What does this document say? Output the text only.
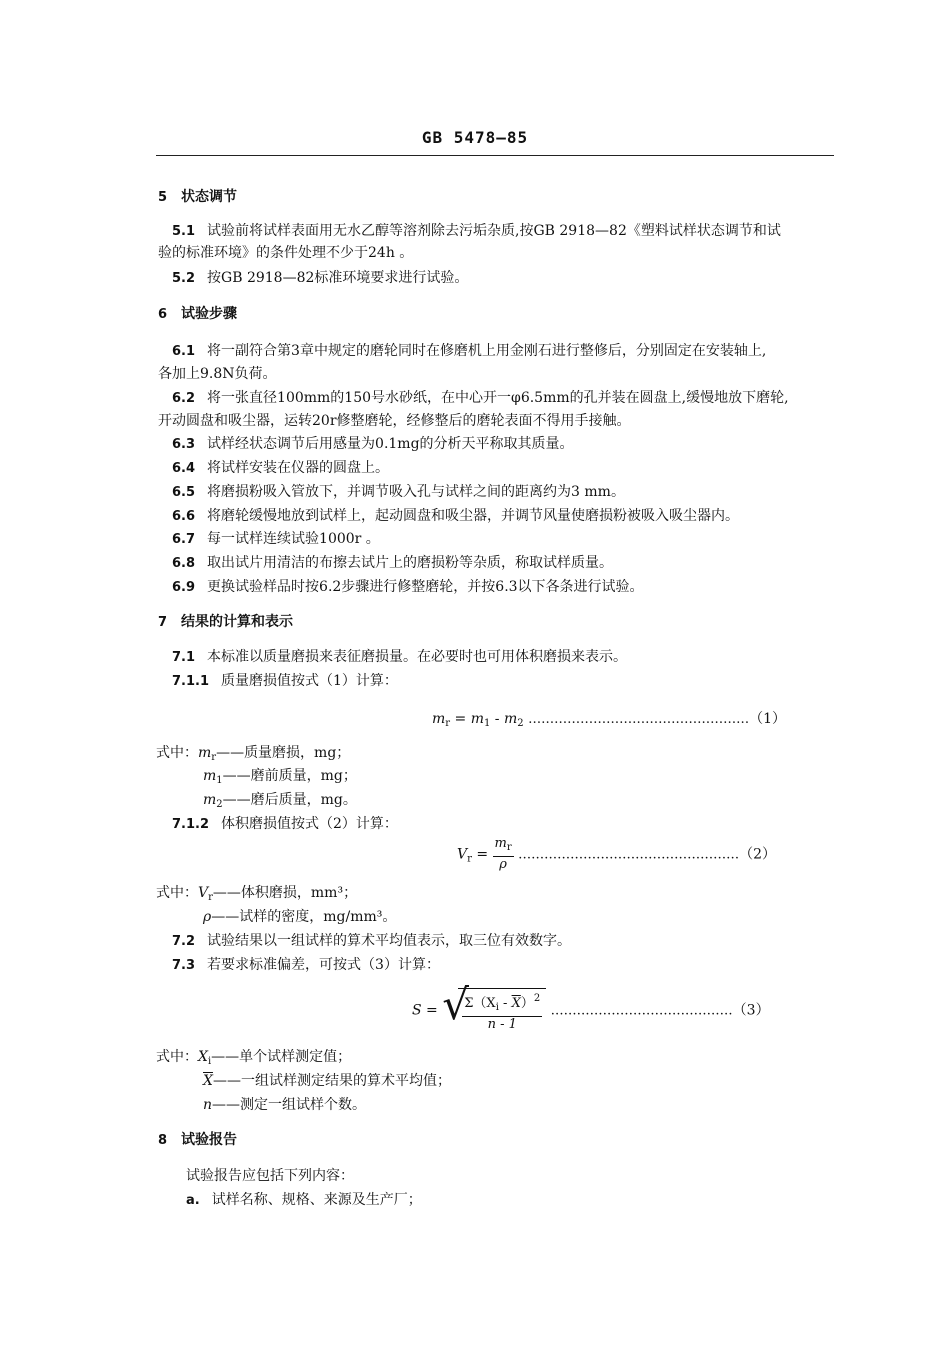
GB 5478—85
5 状态调节
5.1 试验前将试样表面用无水乙醇等溶剂除去污垢杂质,按GB 2918—82《塑料试样状态调节和试
验的标准环境》的条件处理不少于24h 。
5.2 按GB 2918—82标准环境要求进行试验。
6 试验步骤
6.1 将一副符合第3章中规定的磨轮同时在修磨机上用金刚石进行整修后，分别固定在安装轴上,
各加上9.8N负荷。
6.2 将一张直径100mm的150号水砂纸，在中心开一φ6.5mm的孔并装在圆盘上,缓慢地放下磨轮,
开动圆盘和吸尘器，运转20r修整磨轮，经修整后的磨轮表面不得用手接触。
6.3 试样经状态调节后用感量为0.1mg的分析天平称取其质量。
6.4 将试样安装在仪器的圆盘上。
6.5 将磨损粉吸入管放下，并调节吸入孔与试样之间的距离约为3 mm。
6.6 将磨轮缓慢地放到试样上，起动圆盘和吸尘器，并调节风量使磨损粉被吸入吸尘器内。
6.7 每一试样连续试验1000r 。
6.8 取出试片用清洁的布擦去试片上的磨损粉等杂质，称取试样质量。
6.9 更换试验样品时按6.2步骤进行修整磨轮，并按6.3以下各条进行试验。
7 结果的计算和表示
7.1 本标准以质量磨损来表征磨损量。在必要时也可用体积磨损来表示。
7.1.1 质量磨损值按式（1）计算：
$m_r = m_1 - m_2$ ……………………………………………（1）
式中：$m_r——$质量磨损，mg；
$m_1——$磨前质量，mg；
$m_2——$磨后质量，mg。
7.1.2 体积磨损值按式（2）计算：
$V_r = \frac{m_r}{\rho}$ ……………………………………………（2）
式中：$V_r——$体积磨损，mm³；
ρ——试样的密度，mg/mm³。
7.2 试验结果以一组试样的算术平均值表示，取三位有效数字。
7.3 若要求标准偏差，可按式（3）计算：
S = √
$\frac{\Sigma(X_i - \overline{X})^2}{n - 1}$ ……………………………………（3）
式中：$X_i——$单个试样测定值；
$\overline{X}——$一组试样测定结果的算术平均值；
n——测定一组试样个数。
8 试验报告
试验报告应包括下列内容：
a. 试样名称、规格、来源及生产厂；
